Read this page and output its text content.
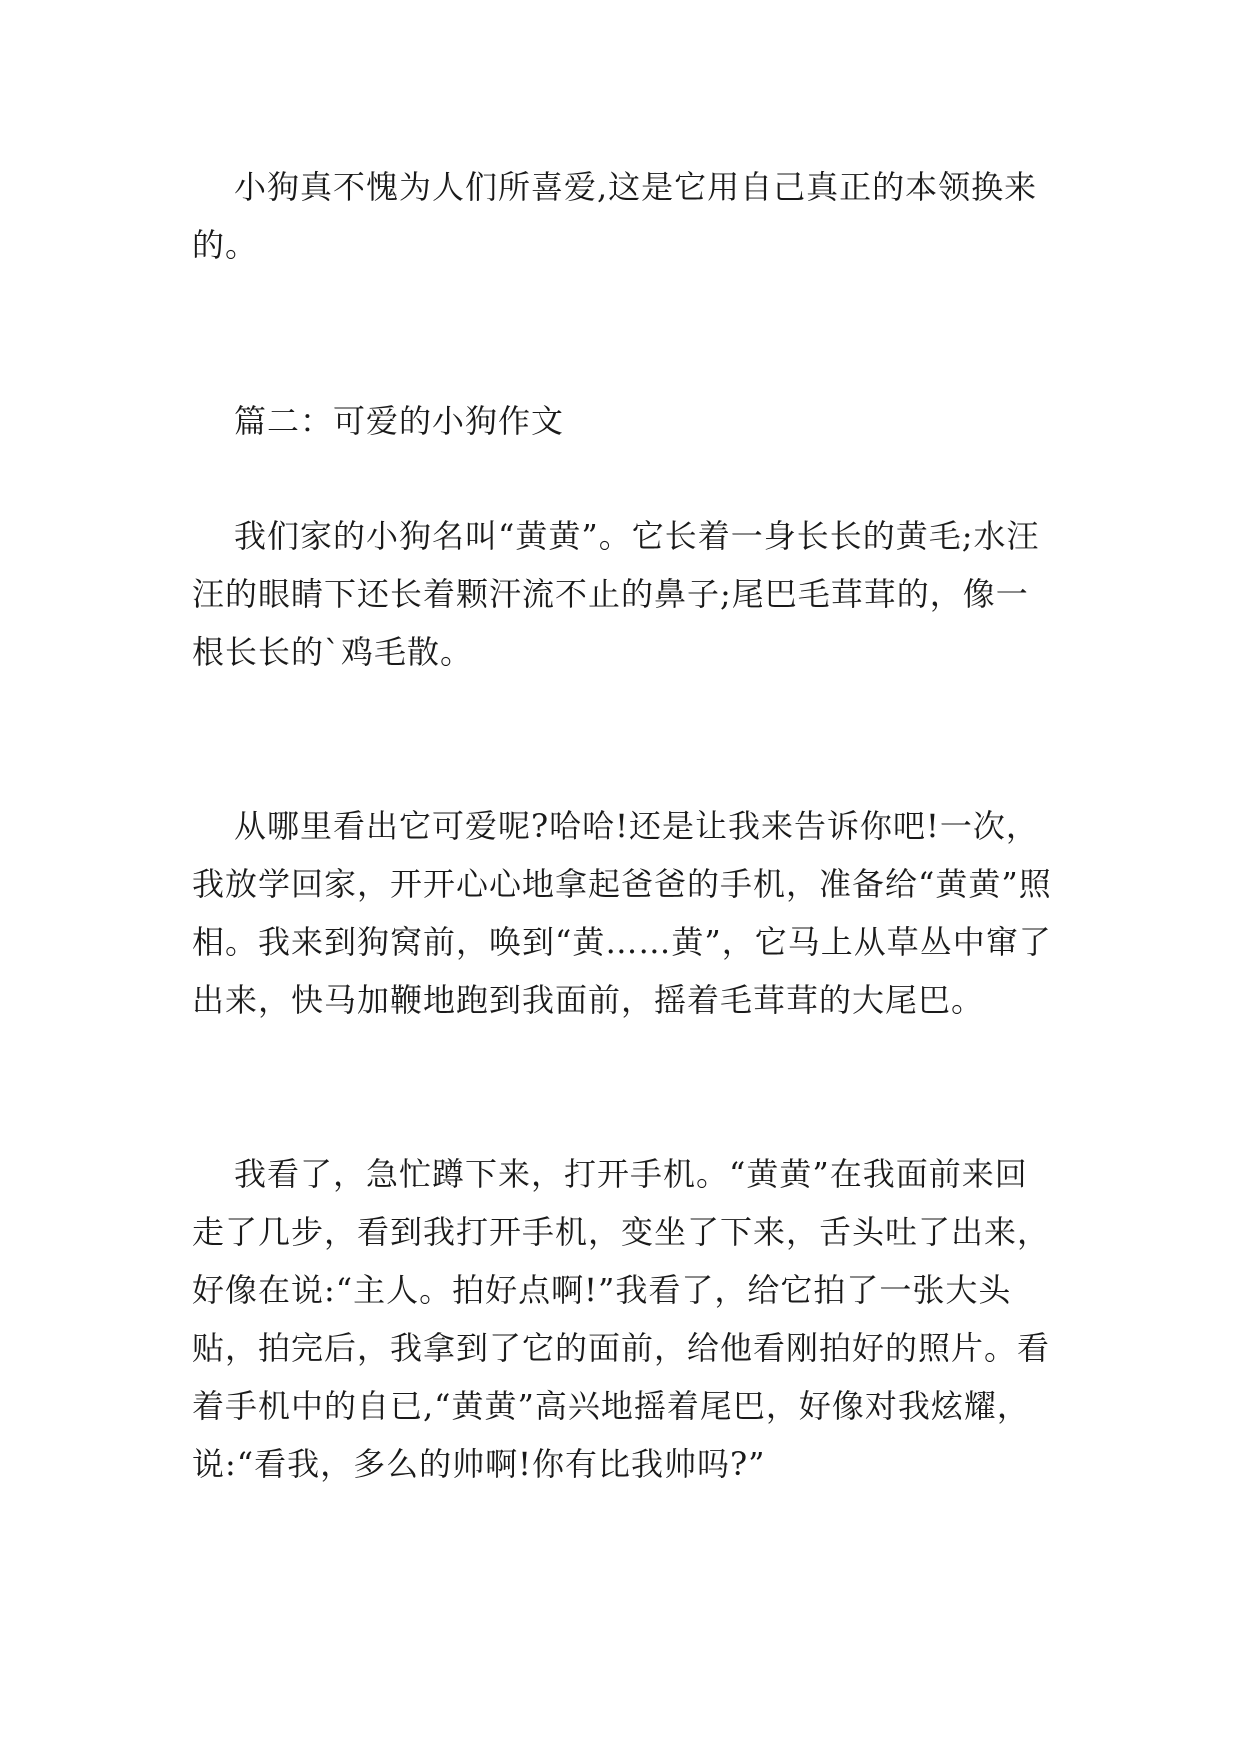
小狗真不愧为人们所喜爱,这是它用自己真正的本领换来的。

篇二：可爱的小狗作文

我们家的小狗名叫“黄黄”。它长着一身长长的黄毛;水汪汪的眼睛下还长着颗汗流不止的鼻子;尾巴毛茸茸的，像一根长长的`鸡毛散。

从哪里看出它可爱呢?哈哈!还是让我来告诉你吧!一次，我放学回家，开开心心地拿起爸爸的手机，准备给“黄黄”照相。我来到狗窝前，唤到“黄……黄”，它马上从草丛中窜了出来，快马加鞭地跑到我面前，摇着毛茸茸的大尾巴。

我看了，急忙蹲下来，打开手机。“黄黄”在我面前来回走了几步，看到我打开手机，变坐了下来，舌头吐了出来，好像在说:“主人。拍好点啊!”我看了，给它拍了一张大头贴，拍完后，我拿到了它的面前，给他看刚拍好的照片。看着手机中的自已,“黄黄”高兴地摇着尾巴，好像对我炫耀，说:“看我，多么的帅啊!你有比我帅吗?”
